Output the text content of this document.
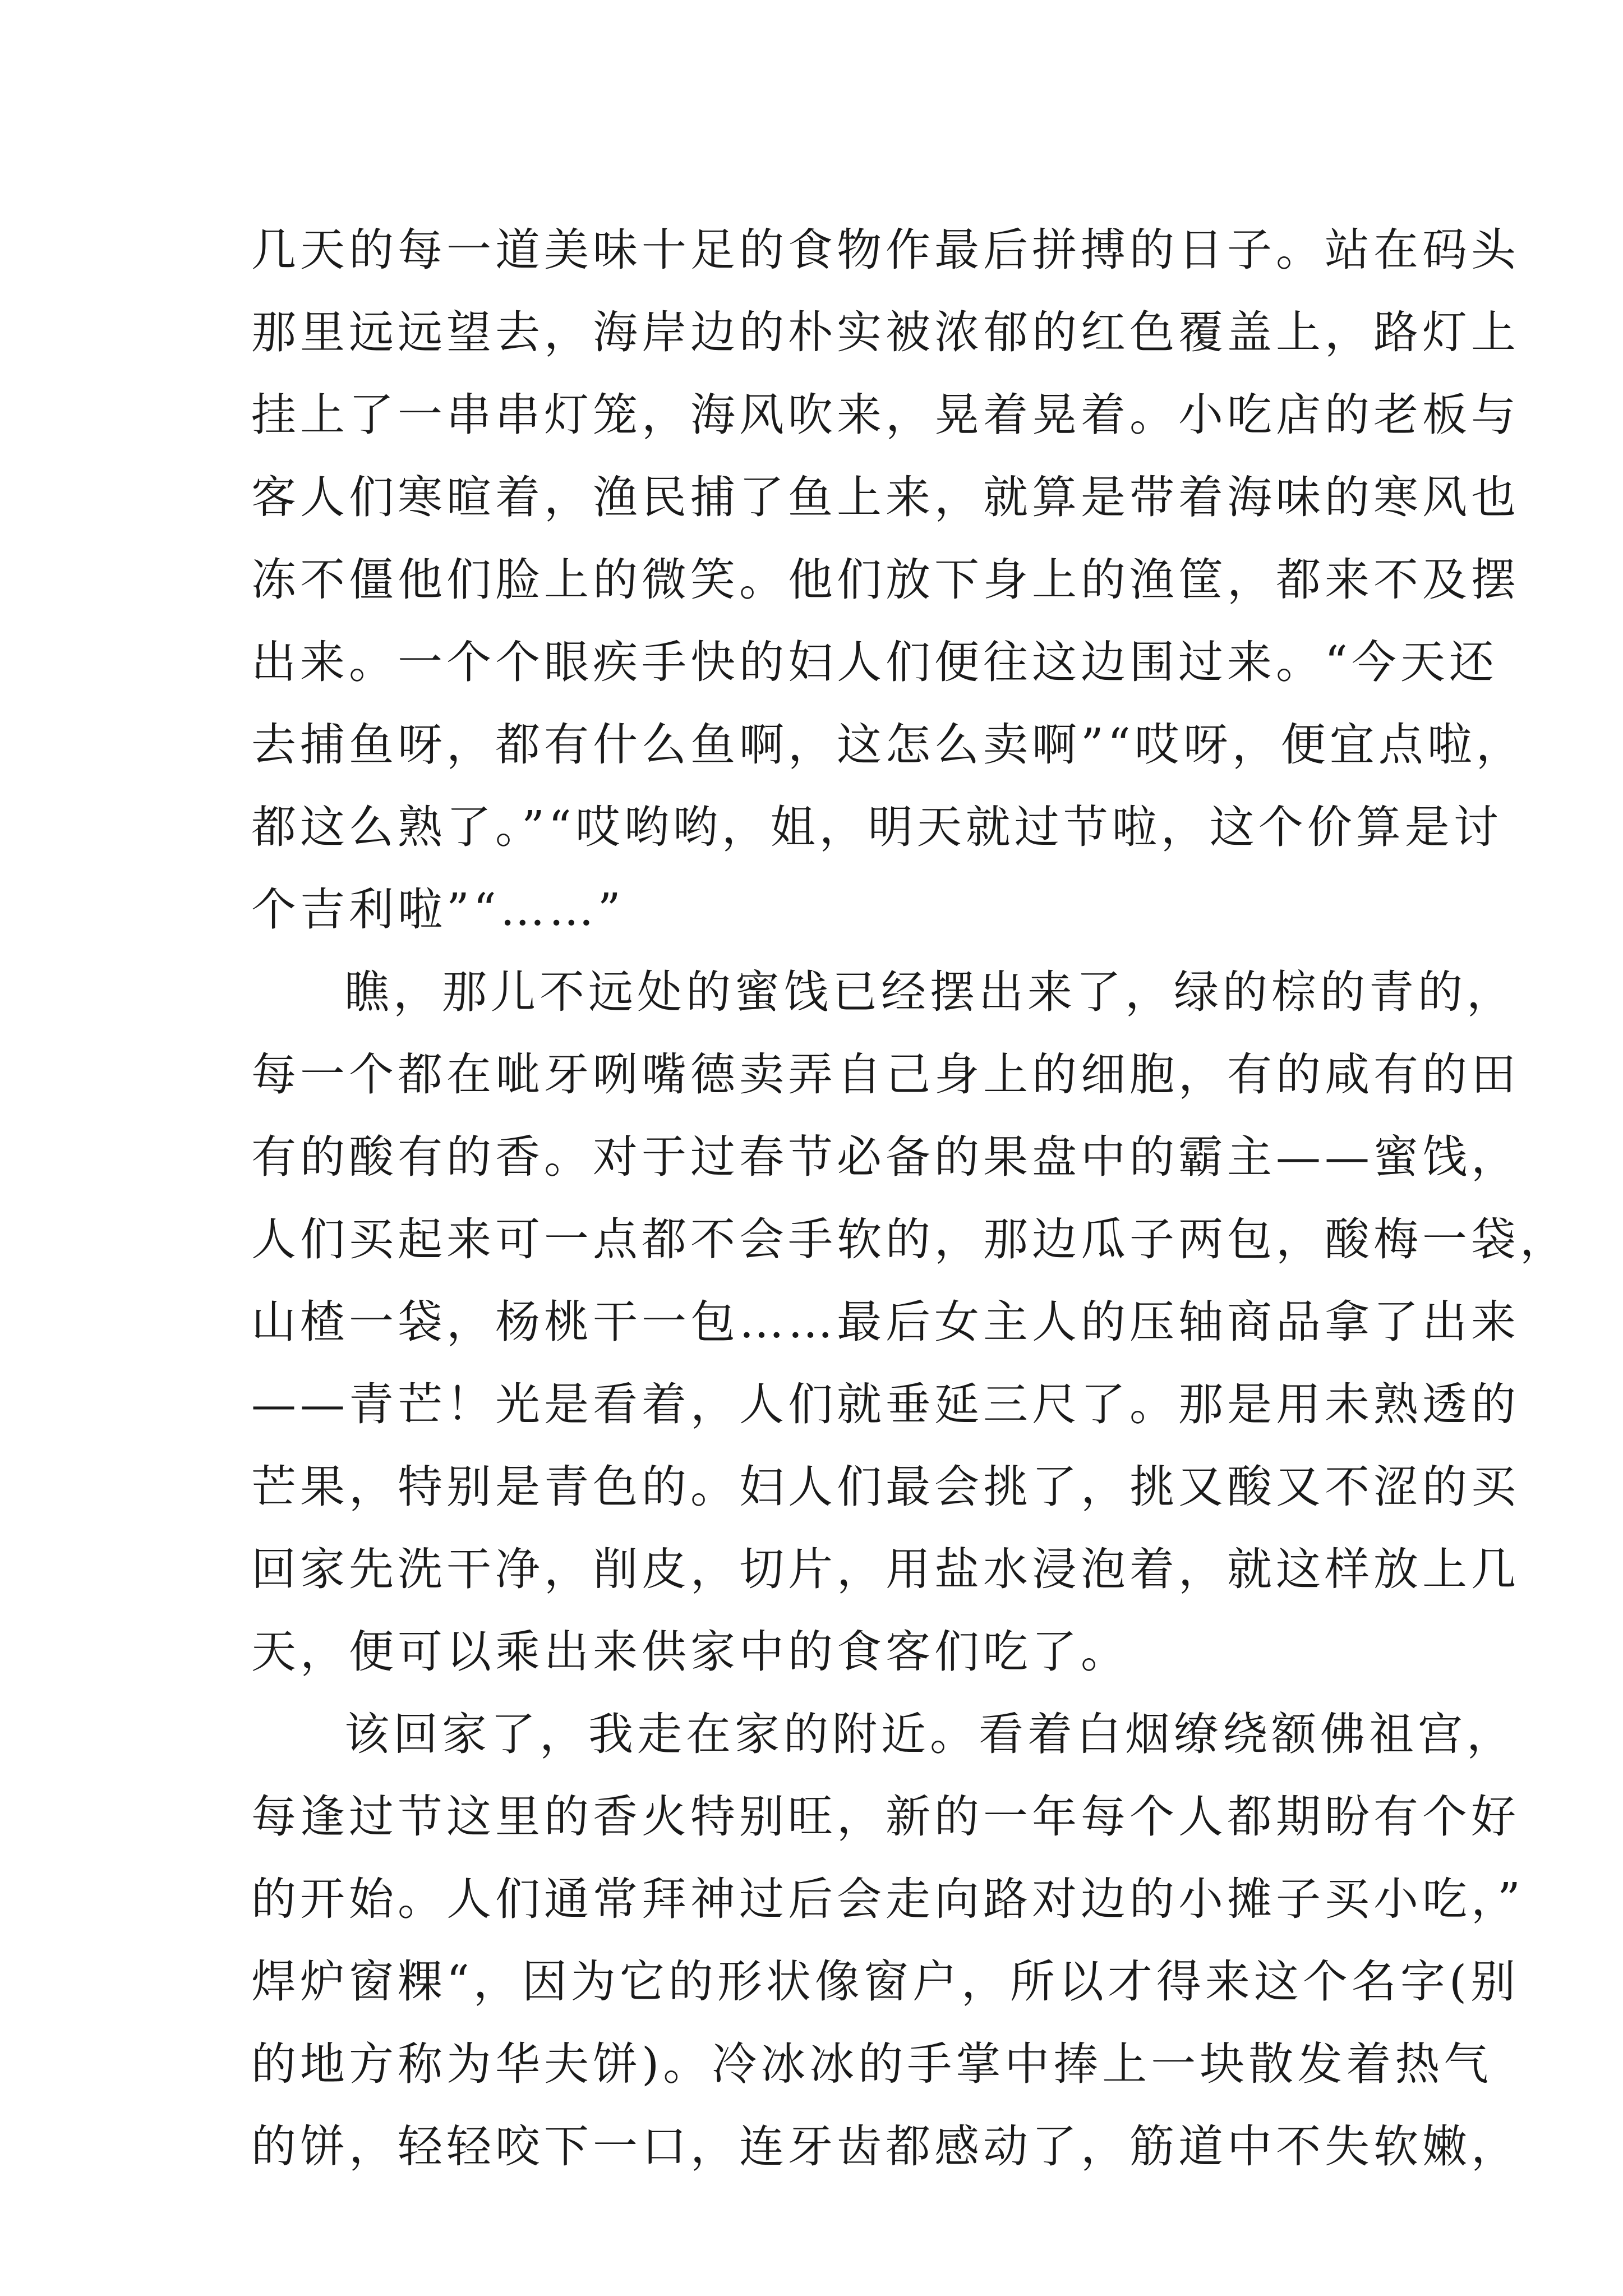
几天的每一道美味十足的食物作最后拼搏的日子。站在码头
那里远远望去，海岸边的朴实被浓郁的红色覆盖上，路灯上
挂上了一串串灯笼，海风吹来，晃着晃着。小吃店的老板与
客人们寒暄着，渔民捕了鱼上来，就算是带着海味的寒风也
冻不僵他们脸上的微笑。他们放下身上的渔筐，都来不及摆
出来。一个个眼疾手快的妇人们便往这边围过来。“今天还
去捕鱼呀，都有什么鱼啊，这怎么卖啊”“哎呀，便宜点啦，
都这么熟了。”“哎哟哟，姐，明天就过节啦，这个价算是讨
个吉利啦”“……”
瞧，那儿不远处的蜜饯已经摆出来了，绿的棕的青的，
每一个都在呲牙咧嘴德卖弄自己身上的细胞，有的咸有的田
有的酸有的香。对于过春节必备的果盘中的霸主——蜜饯，
人们买起来可一点都不会手软的，那边瓜子两包，酸梅一袋，
山楂一袋，杨桃干一包……最后女主人的压轴商品拿了出来
——青芒！光是看着，人们就垂延三尺了。那是用未熟透的
芒果，特别是青色的。妇人们最会挑了，挑又酸又不涩的买
回家先洗干净，削皮，切片，用盐水浸泡着，就这样放上几
天，便可以乘出来供家中的食客们吃了。
该回家了，我走在家的附近。看着白烟缭绕额佛祖宫，
每逢过节这里的香火特别旺，新的一年每个人都期盼有个好
的开始。人们通常拜神过后会走向路对边的小摊子买小吃，”
焊炉窗粿“，因为它的形状像窗户，所以才得来这个名字(别
的地方称为华夫饼)。冷冰冰的手掌中捧上一块散发着热气
的饼，轻轻咬下一口，连牙齿都感动了，筋道中不失软嫩，
